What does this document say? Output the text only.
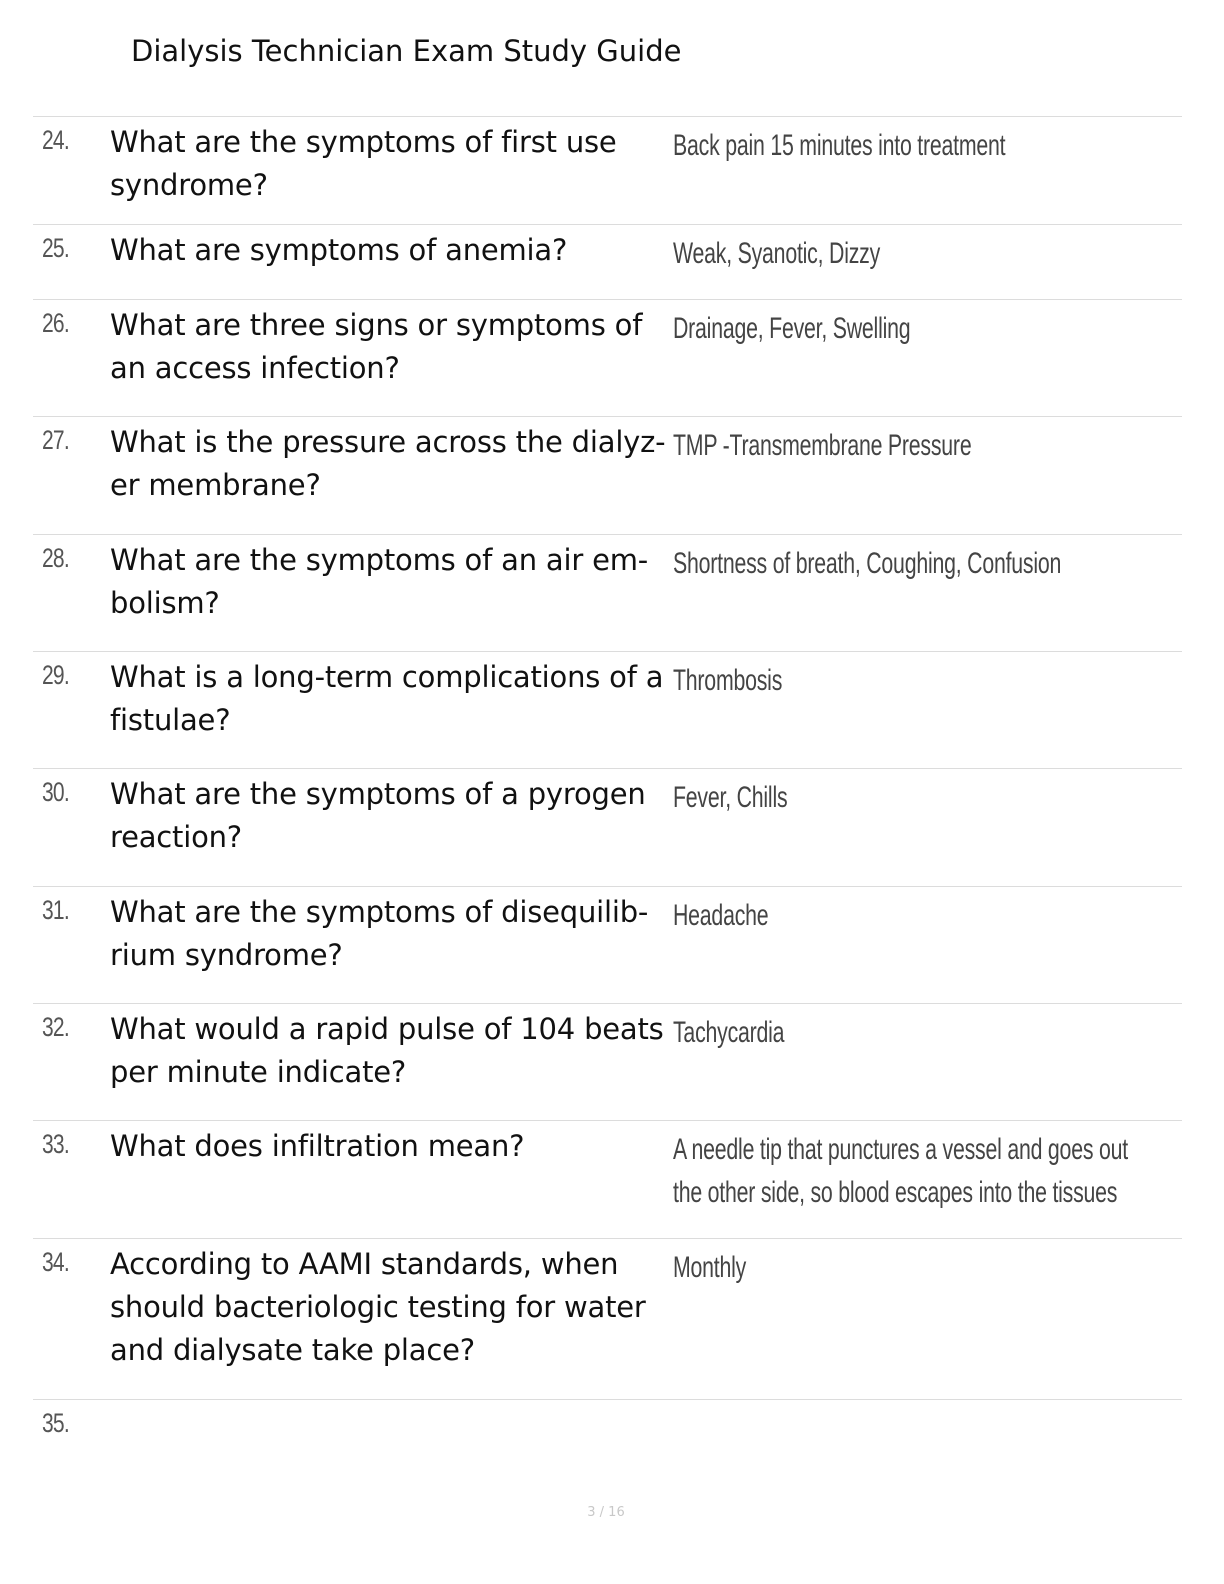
Dialysis Technician Exam Study Guide
24. What are the symptoms of first use syndrome?
Back pain 15 minutes into treatment
25. What are symptoms of anemia?	Weak, Syanotic, Dizzy
26. What are three signs or symptoms of an access infection?
Drainage, Fever, Swelling
27. What is the pressure across the dialyz- er membrane?
TMP -Transmembrane Pressure
28. What are the symptoms of an air em- bolism?
Shortness of breath, Coughing, Confusion
29. What is a long-term complications of a fistulae?
Thrombosis
30. What are the symptoms of a pyrogen reaction?
Fever, Chills
31. What are the symptoms of disequilib- rium syndrome?
Headache
32. What would a rapid pulse of 104 beats per minute indicate?
Tachycardia
33. What does infiltration mean?	A needle tip that punctures a vessel and goes out the other side, so blood escapes into the tissues
34. According to AAMI standards, when should bacteriologic testing for water and dialysate take place?
Monthly
35.
3 / 16
